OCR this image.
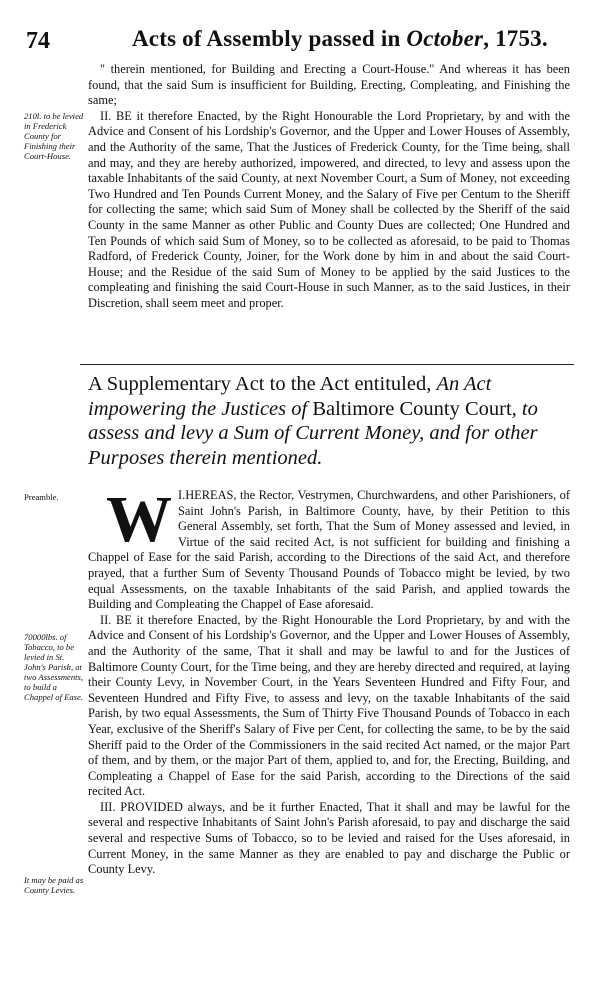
74	Acts of Assembly passed in October, 1753.
210l. to be levied in Frederick County for Finishing their Court-House.

" therein mentioned, for Building and Erecting a Court-House." And whereas it has been found, that the said Sum is insufficient for Building, Erecting, Compleating, and Finishing the same;

II. BE it therefore Enacted, by the Right Honourable the Lord Proprietary, by and with the Advice and Consent of his Lordship's Governor, and the Upper and Lower Houses of Assembly, and the Authority of the same, That the Justices of Frederick County, for the Time being, shall and may, and they are hereby authorized, impowered, and directed, to levy and assess upon the taxable Inhabitants of the said County, at next November Court, a Sum of Money, not exceeding Two Hundred and Ten Pounds Current Money, and the Salary of Five per Centum to the Sheriff for collecting the same; which said Sum of Money shall be collected by the Sheriff of the said County in the same Manner as other Public and County Dues are collected; One Hundred and Ten Pounds of which said Sum of Money, so to be collected as aforesaid, to be paid to Thomas Radford, of Frederick County, Joiner, for the Work done by him in and about the said Court-House; and the Residue of the said Sum of Money to be applied by the said Justices to the compleating and finishing the said Court-House in such Manner, as to the said Justices, in their Discretion, shall seem meet and proper.

A Supplementary Act to the Act entituled, An Act impowering the Justices of Baltimore County Court, to assess and levy a Sum of Current Money, and for other Purposes therein mentioned.
Preamble.
70000lbs. of Tobacco, to be levied in St. John's Parish, at two Assessments, to build a Chappel of Ease.
It may be paid as County Levies.

I.
W HEREAS, the Rector, Vestrymen, Churchwardens, and other Parishioners, of Saint John's Parish, in Baltimore County, have, by their Petition to this General Assembly, set forth, That the Sum of Money assessed and levied, in Virtue of the said recited Act, is not sufficient for building and finishing a Chappel of Ease for the said Parish, according to the Directions of the said Act, and therefore prayed, that a further Sum of Seventy Thousand Pounds of Tobacco might be levied, by two equal Assessments, on the taxable Inhabitants of the said Parish, and applied towards the Building and Compleating the Chappel of Ease aforesaid.

II. BE it therefore Enacted, by the Right Honourable the Lord Proprietary, by and with the Advice and Consent of his Lordship's Governor, and the Upper and Lower Houses of Assembly, and the Authority of the same, That it shall and may be lawful to and for the Justices of Baltimore County Court, for the Time being, and they are hereby directed and required, at laying their County Levy, in November Court, in the Years Seventeen Hundred and Fifty Four, and Seventeen Hundred and Fifty Five, to assess and levy, on the taxable Inhabitants of the said Parish, by two equal Assessments, the Sum of Thirty Five Thousand Pounds of Tobacco in each Year, exclusive of the Sheriff's Salary of Five per Cent, for collecting the same, to be by the said Sheriff paid to the Order of the Commissioners in the said recited Act named, or the major Part of them, and by them, or the major Part of them, applied to, and for, the Erecting, Building, and Compleating a Chappel of Ease for the said Parish, according to the Directions of the said recited Act.

III. PROVIDED always, and be it further Enacted, That it shall and may be lawful for the several and respective Inhabitants of Saint John's Parish aforesaid, to pay and discharge the said several and respective Sums of Tobacco, so to be levied and raised for the Uses aforesaid, in Current Money, in the same Manner as they are enabled to pay and discharge the Public or County Levy.
